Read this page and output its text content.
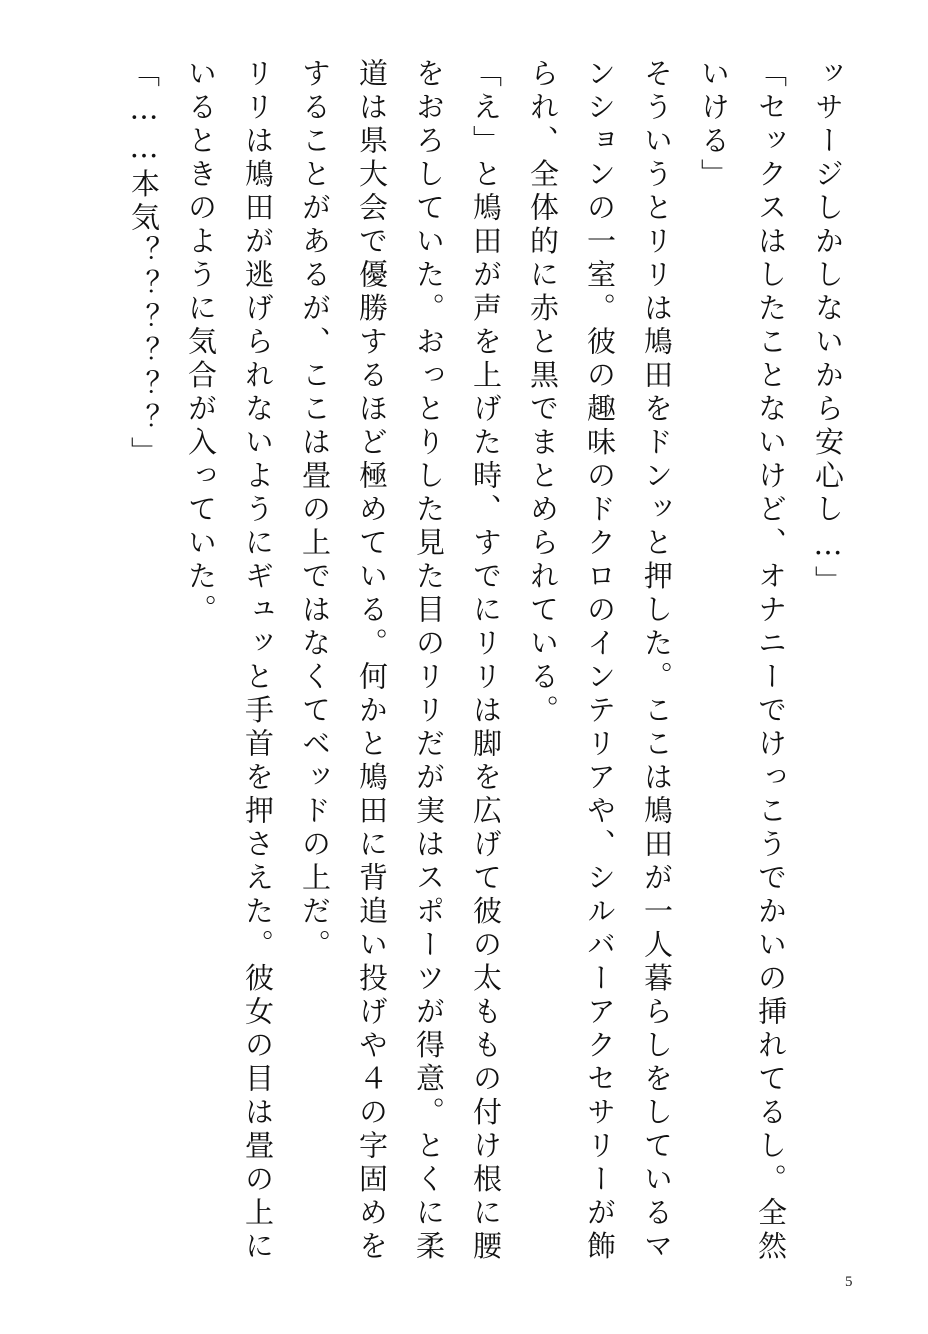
ッサージしかしないから安心し…」

「セックスはしたことないけど、オナニーでけっこうでかいの挿れてるし。全然

いける」

そういうとリリは鳩田をドンッと押した。ここは鳩田が一人暮らしをしているマ

ンションの一室。彼の趣味のドクロのインテリアや、シルバーアクセサリーが飾

られ、全体的に赤と黒でまとめられている。

「え」と鳩田が声を上げた時、すでにリリは脚を広げて彼の太ももの付け根に腰

をおろしていた。おっとりした見た目のリリだが実はスポーツが得意。とくに柔

道は県大会で優勝するほど極めている。何かと鳩田に背追い投げや４の字固めを

することがあるが、ここは畳の上ではなくてベッドの上だ。

リリは鳩田が逃げられないようにギュッと手首を押さえた。彼女の目は畳の上に

いるときのように気合が入っていた。

「……本気？？？？？？」

5
